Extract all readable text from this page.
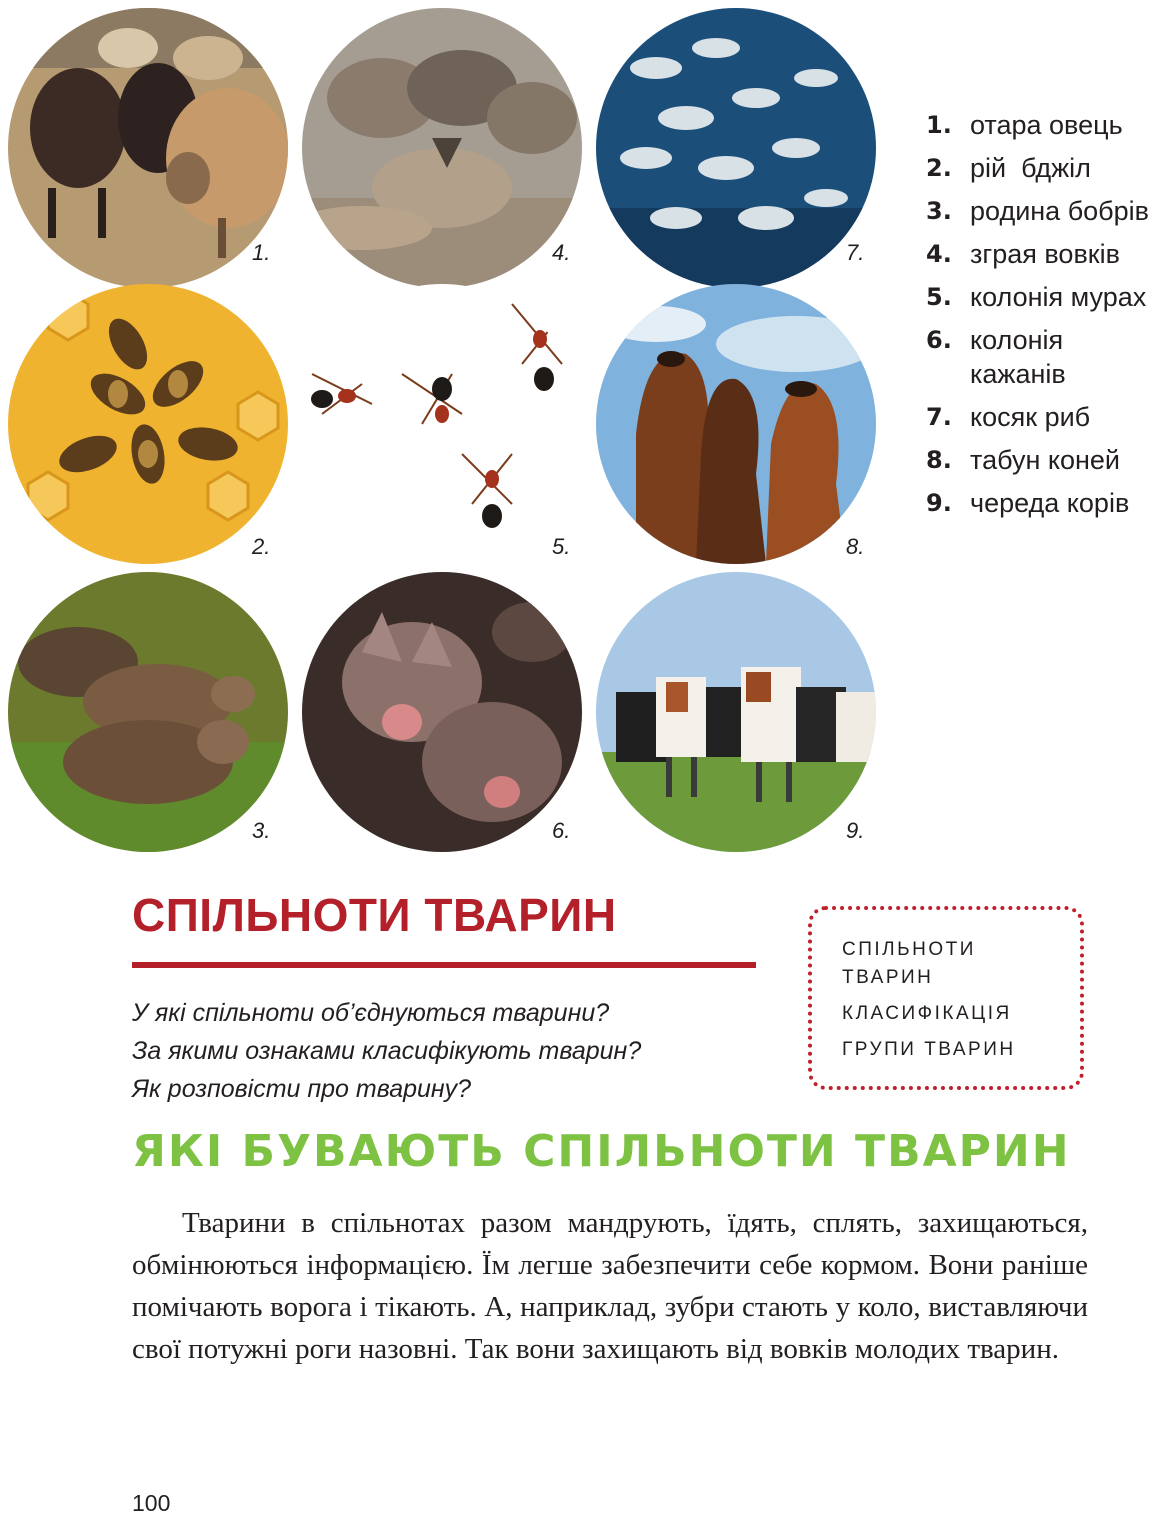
1.
2.
3.
4.
5.
6.
7.
8.
9.
1. отара овець
2. рій  бджіл
3. родина бобрів
4. зграя вовків
5. колонія мурах
6. колонія кажанів
7. косяк риб
8. табун коней
9. череда корів
СПІЛЬНОТИ ТВАРИН
У які спільноти об’єднуються тварини?
За якими ознаками класифікують тварин?
Як розповісти про тварину?
СПІЛЬНОТИ ТВАРИН
КЛАСИФІКАЦІЯ
ГРУПИ ТВАРИН
ЯКІ БУВАЮТЬ СПІЛЬНОТИ ТВАРИН
Тварини в спільнотах разом мандрують, їдять, сплять, захищаються, обмінюються інформацією. Їм легше забезпечити себе кормом. Вони раніше помічають ворога і тікають. А, наприклад, зубри стають у коло, виставляючи свої потужні роги назовні. Так вони захищають від вовків молодих тварин.
100
